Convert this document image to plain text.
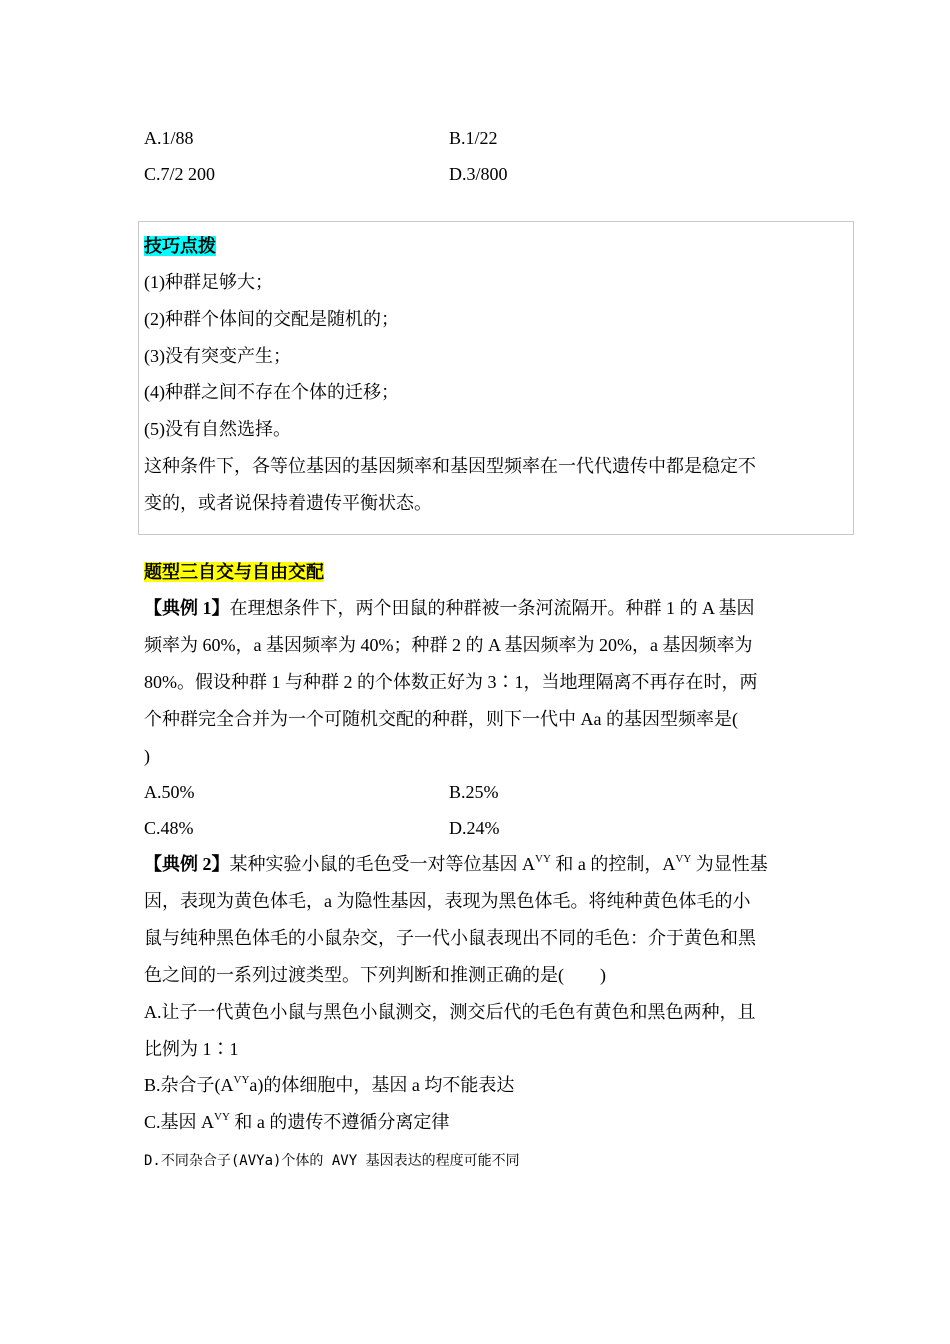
A.1/88	B.1/22
C.7/2 200	D.3/800
技巧点拨
(1)种群足够大；
(2)种群个体间的交配是随机的；
(3)没有突变产生；
(4)种群之间不存在个体的迁移；
(5)没有自然选择。
这种条件下，各等位基因的基因频率和基因型频率在一代代遗传中都是稳定不
变的，或者说保持着遗传平衡状态。
题型三自交与自由交配
【典例 1】在理想条件下，两个田鼠的种群被一条河流隔开。种群 1 的 A 基因
频率为 60%，a 基因频率为 40%；种群 2 的 A 基因频率为 20%，a 基因频率为
80%。假设种群 1 与种群 2 的个体数正好为 3∶1，当地理隔离不再存在时，两
个种群完全合并为一个可随机交配的种群，则下一代中 Aa 的基因型频率是(
)
A.50%	B.25%
C.48%	D.24%
【典例 2】某种实验小鼠的毛色受一对等位基因 $A^{VY}$ 和 a 的控制，$A^{VY}$ 为显性基
因，表现为黄色体毛，a 为隐性基因，表现为黑色体毛。将纯种黄色体毛的小
鼠与纯种黑色体毛的小鼠杂交，子一代小鼠表现出不同的毛色：介于黄色和黑
色之间的一系列过渡类型。下列判断和推测正确的是(　　)
A.让子一代黄色小鼠与黑色小鼠测交，测交后代的毛色有黄色和黑色两种，且
比例为 1∶1
B.杂合子$(A^{VY}a)$的体细胞中，基因 a 均不能表达
C.基因 $A^{VY}$ 和 a 的遗传不遵循分离定律
D.不同杂合子(AVYa)个体的 AVY 基因表达的程度可能不同
